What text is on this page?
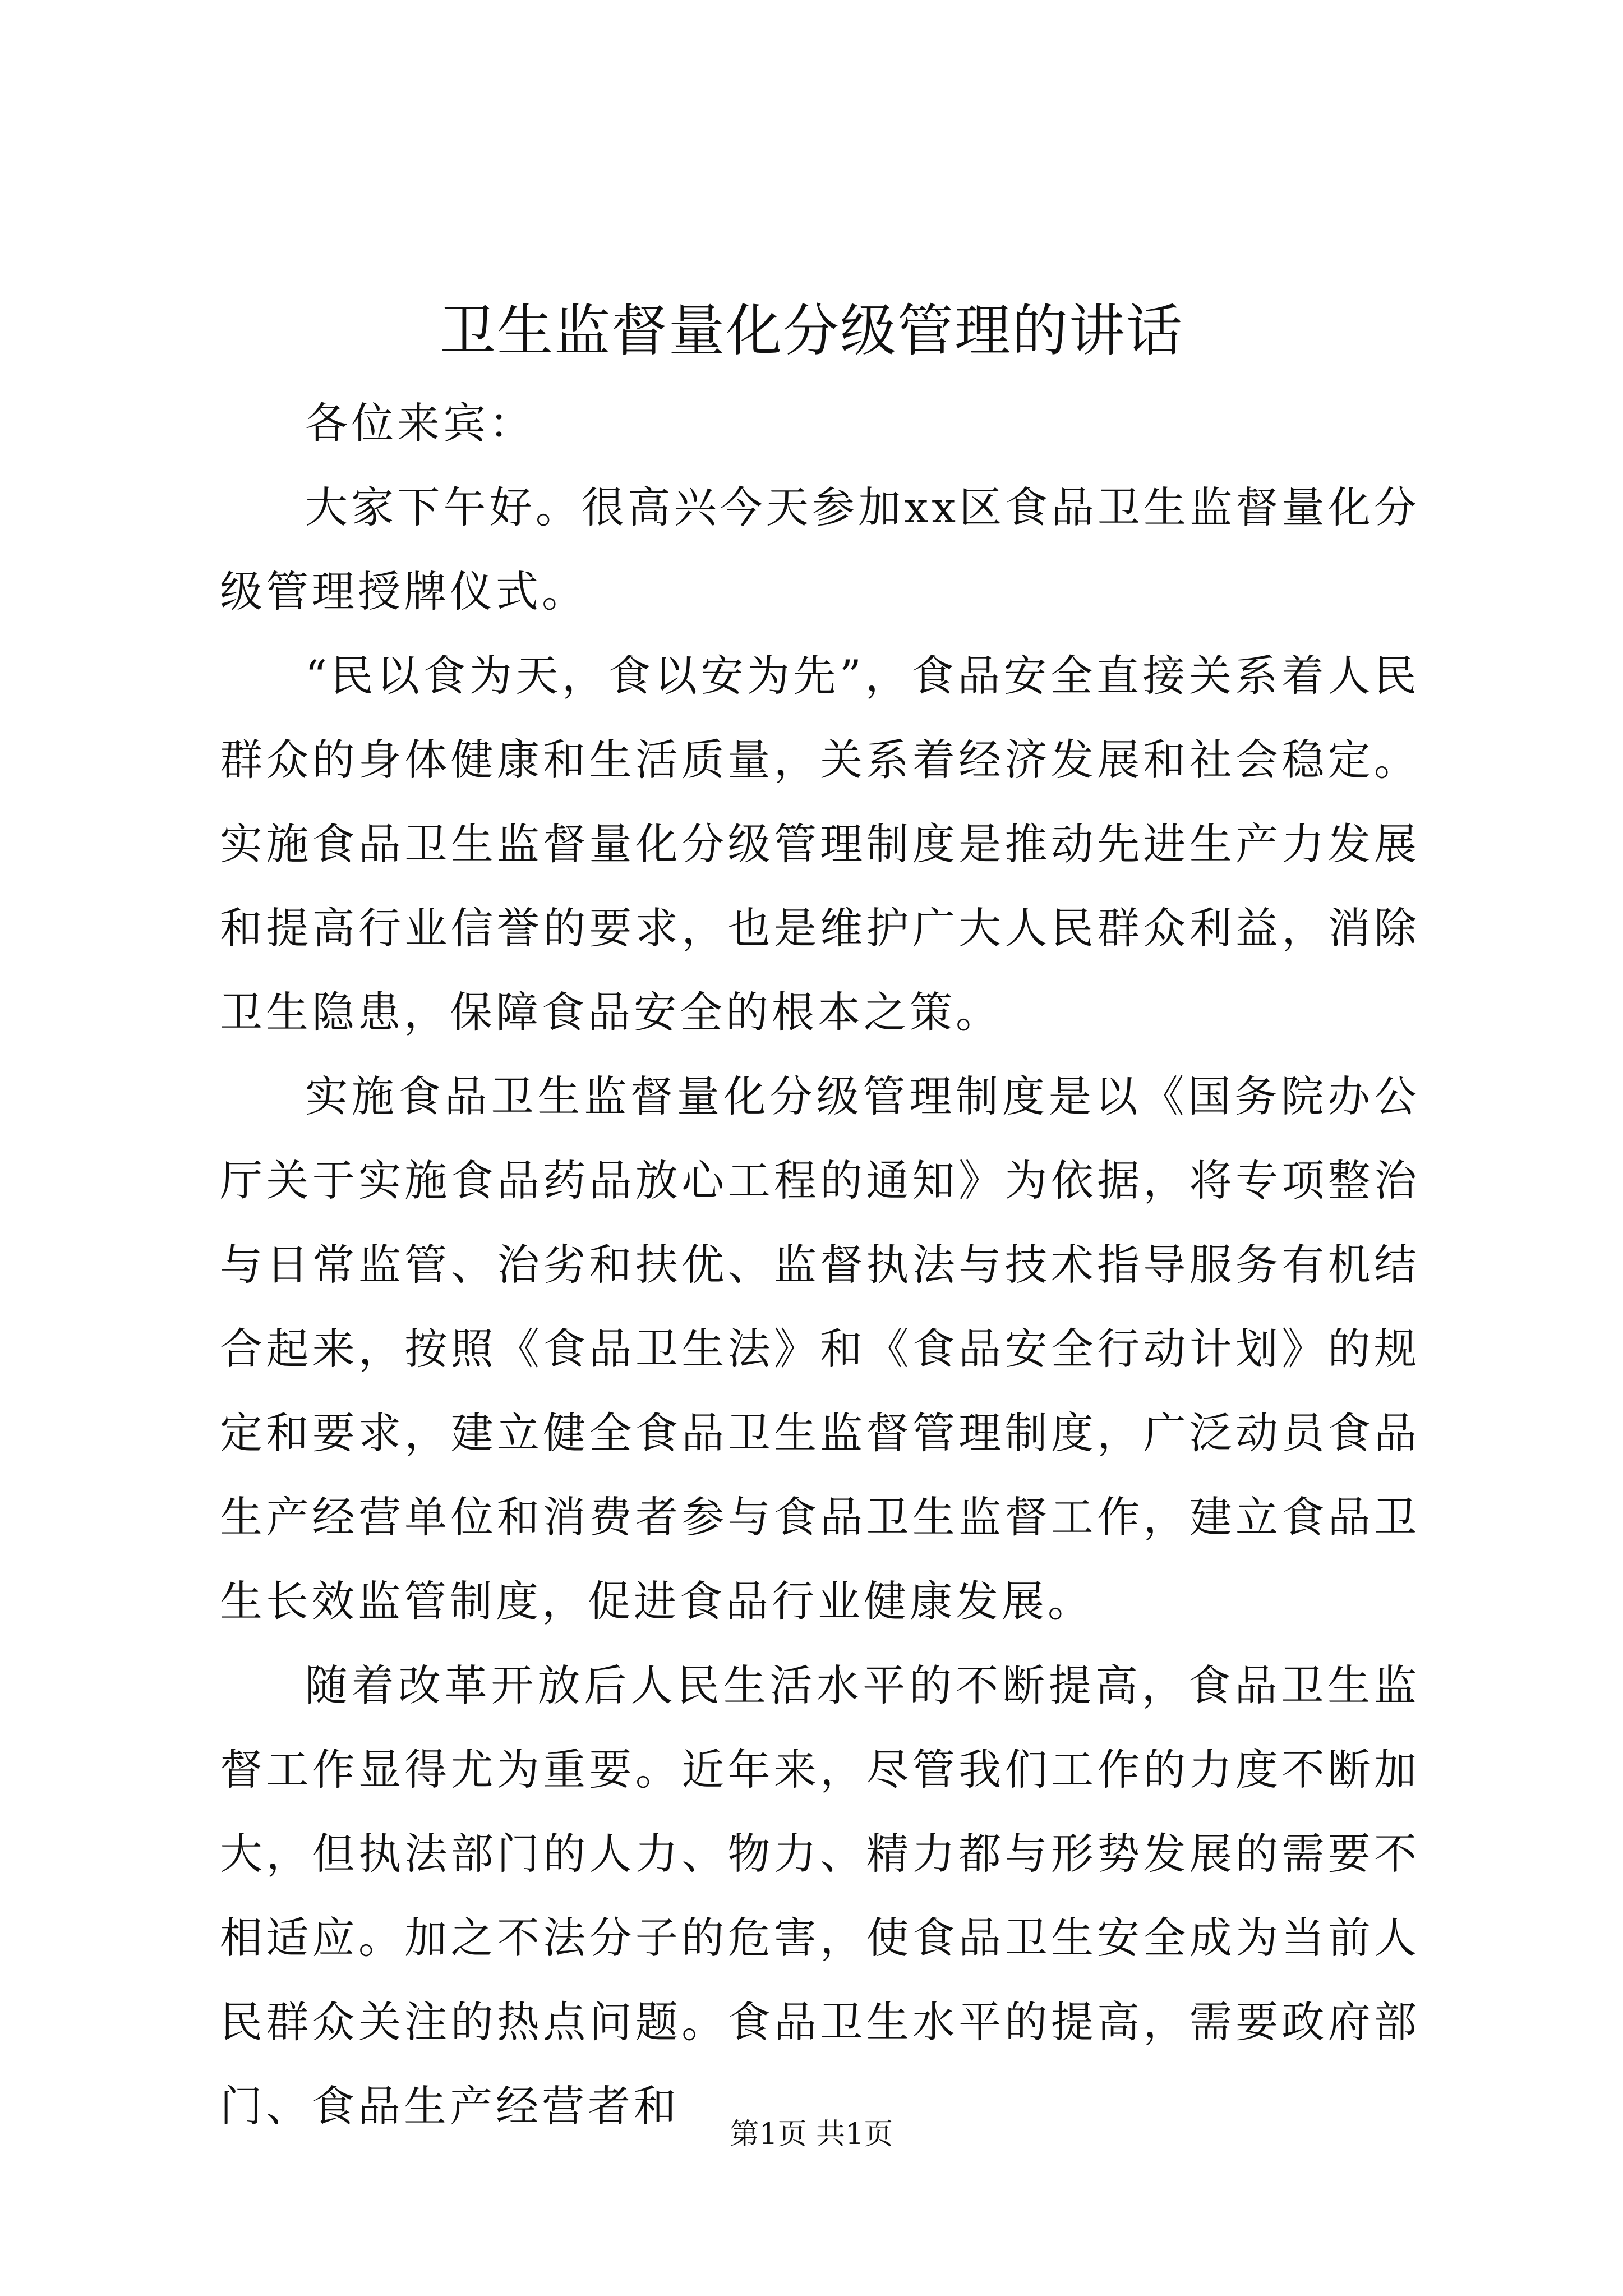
卫生监督量化分级管理的讲话

各位来宾：

大家下午好。很高兴今天参加xx区食品卫生监督量化分级管理授牌仪式。

“民以食为天，食以安为先”，食品安全直接关系着人民群众的身体健康和生活质量，关系着经济发展和社会稳定。实施食品卫生监督量化分级管理制度是推动先进生产力发展和提高行业信誉的要求，也是维护广大人民群众利益，消除卫生隐患，保障食品安全的根本之策。

实施食品卫生监督量化分级管理制度是以《国务院办公厅关于实施食品药品放心工程的通知》为依据，将专项整治与日常监管、治劣和扶优、监督执法与技术指导服务有机结合起来，按照《食品卫生法》和《食品安全行动计划》的规定和要求，建立健全食品卫生监督管理制度，广泛动员食品生产经营单位和消费者参与食品卫生监督工作，建立食品卫生长效监管制度，促进食品行业健康发展。

随着改革开放后人民生活水平的不断提高，食品卫生监督工作显得尤为重要。近年来，尽管我们工作的力度不断加大，但执法部门的人力、物力、精力都与形势发展的需要不相适应。加之不法分子的危害，使食品卫生安全成为当前人民群众关注的热点问题。食品卫生水平的提高，需要政府部门、食品生产经营者和

第1页 共1页
